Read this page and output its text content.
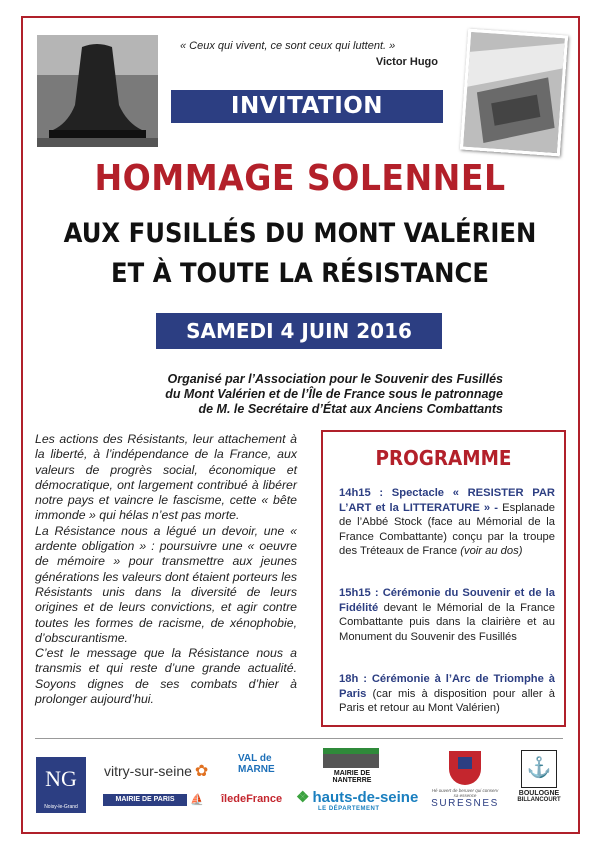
« Ceux qui vivent, ce sont ceux qui luttent. »
Victor Hugo
INVITATION
HOMMAGE SOLENNEL
AUX FUSILLÉS DU MONT VALÉRIEN
ET À TOUTE LA RÉSISTANCE
SAMEDI 4 JUIN 2016
Organisé par l’Association pour le Souvenir des Fusillés
du Mont Valérien et de l’Île de France sous le patronnage
de M. le Secrétaire d’État aux Anciens Combattants

Les actions des Résistants, leur attachement à la liberté, à l’indépendance de la France, aux valeurs de progrès social, économique et démocratique, ont largement contribué à libérer notre pays et vaincre le fascisme, cette « bête immonde » qui hélas n’est pas morte.

La Résistance nous a légué un devoir, une « ardente obligation » : poursuivre une « oeuvre de mémoire » pour transmettre aux jeunes générations les valeurs dont étaient porteurs les Résistants unis dans la diversité de leurs origines et de leurs convictions, et agir contre toutes les formes de racisme, de xénophobie, d’obscurantisme.

C’est le message que la Résistance nous a transmis et qui reste d’une grande actualité. Soyons dignes de ses combats d’hier à prolonger aujourd’hui.

PROGRAMME
14h15 : Spectacle « RESISTER PAR L’ART et la LITTERATURE » - Esplanade de l’Abbé Stock (face au Mémorial de la France Combattante) conçu par la troupe des Tréteaux de France (voir au dos)
15h15 : Cérémonie du Souvenir et de la Fidélité devant le Mémorial de la France Combattante puis dans la clairière et au Monument du Souvenir des Fusillés
18h : Cérémonie à l’Arc de Triomphe à Paris (car mis à disposition pour aller à Paris et retour au Mont Valérien)
NG
Noisy-le-Grand
vitry-sur-seine ✿
MAIRIE DE PARIS	⛵
VAL de
MARNE
îledeFrance
MAIRIE DE NANTERRE
❖ hauts-de-seine
LE DÉPARTEMENT
Hé ouvert de beruver qui conserv sa essence
SURESNES
⚓
BOULOGNE
BILLANCOURT
